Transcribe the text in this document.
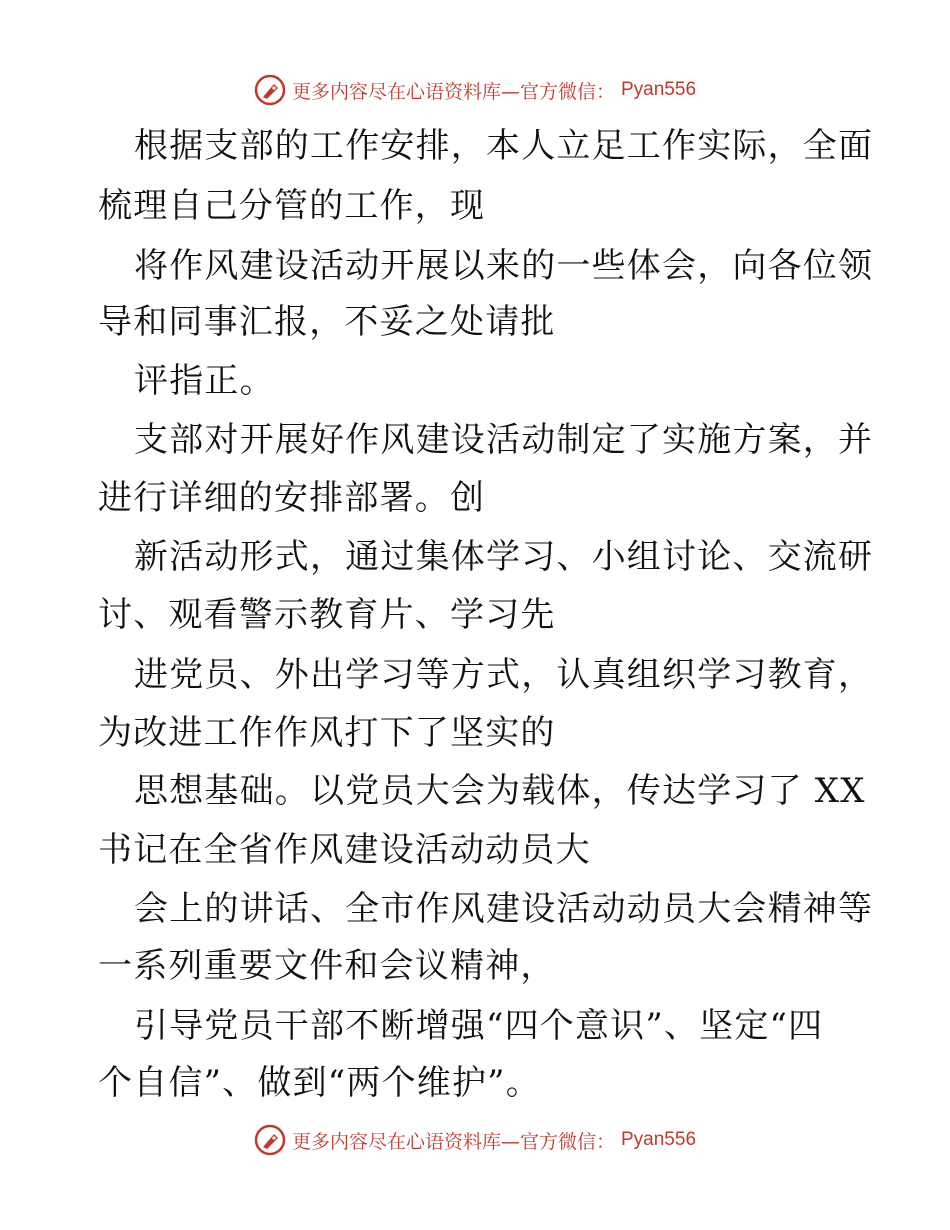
更多内容尽在心语资料库—官方微信： Pyan556
根据支部的工作安排，本人立足工作实际，全面
梳理自己分管的工作，现
将作风建设活动开展以来的一些体会，向各位领
导和同事汇报，不妥之处请批
评指正。
支部对开展好作风建设活动制定了实施方案，并
进行详细的安排部署。创
新活动形式，通过集体学习、小组讨论、交流研
讨、观看警示教育片、学习先
进党员、外出学习等方式，认真组织学习教育，
为改进工作作风打下了坚实的
思想基础。以党员大会为载体，传达学习了 XX
书记在全省作风建设活动动员大
会上的讲话、全市作风建设活动动员大会精神等
一系列重要文件和会议精神，
引导党员干部不断增强“四个意识”、坚定“四
个自信”、做到“两个维护”。
更多内容尽在心语资料库—官方微信： Pyan556
